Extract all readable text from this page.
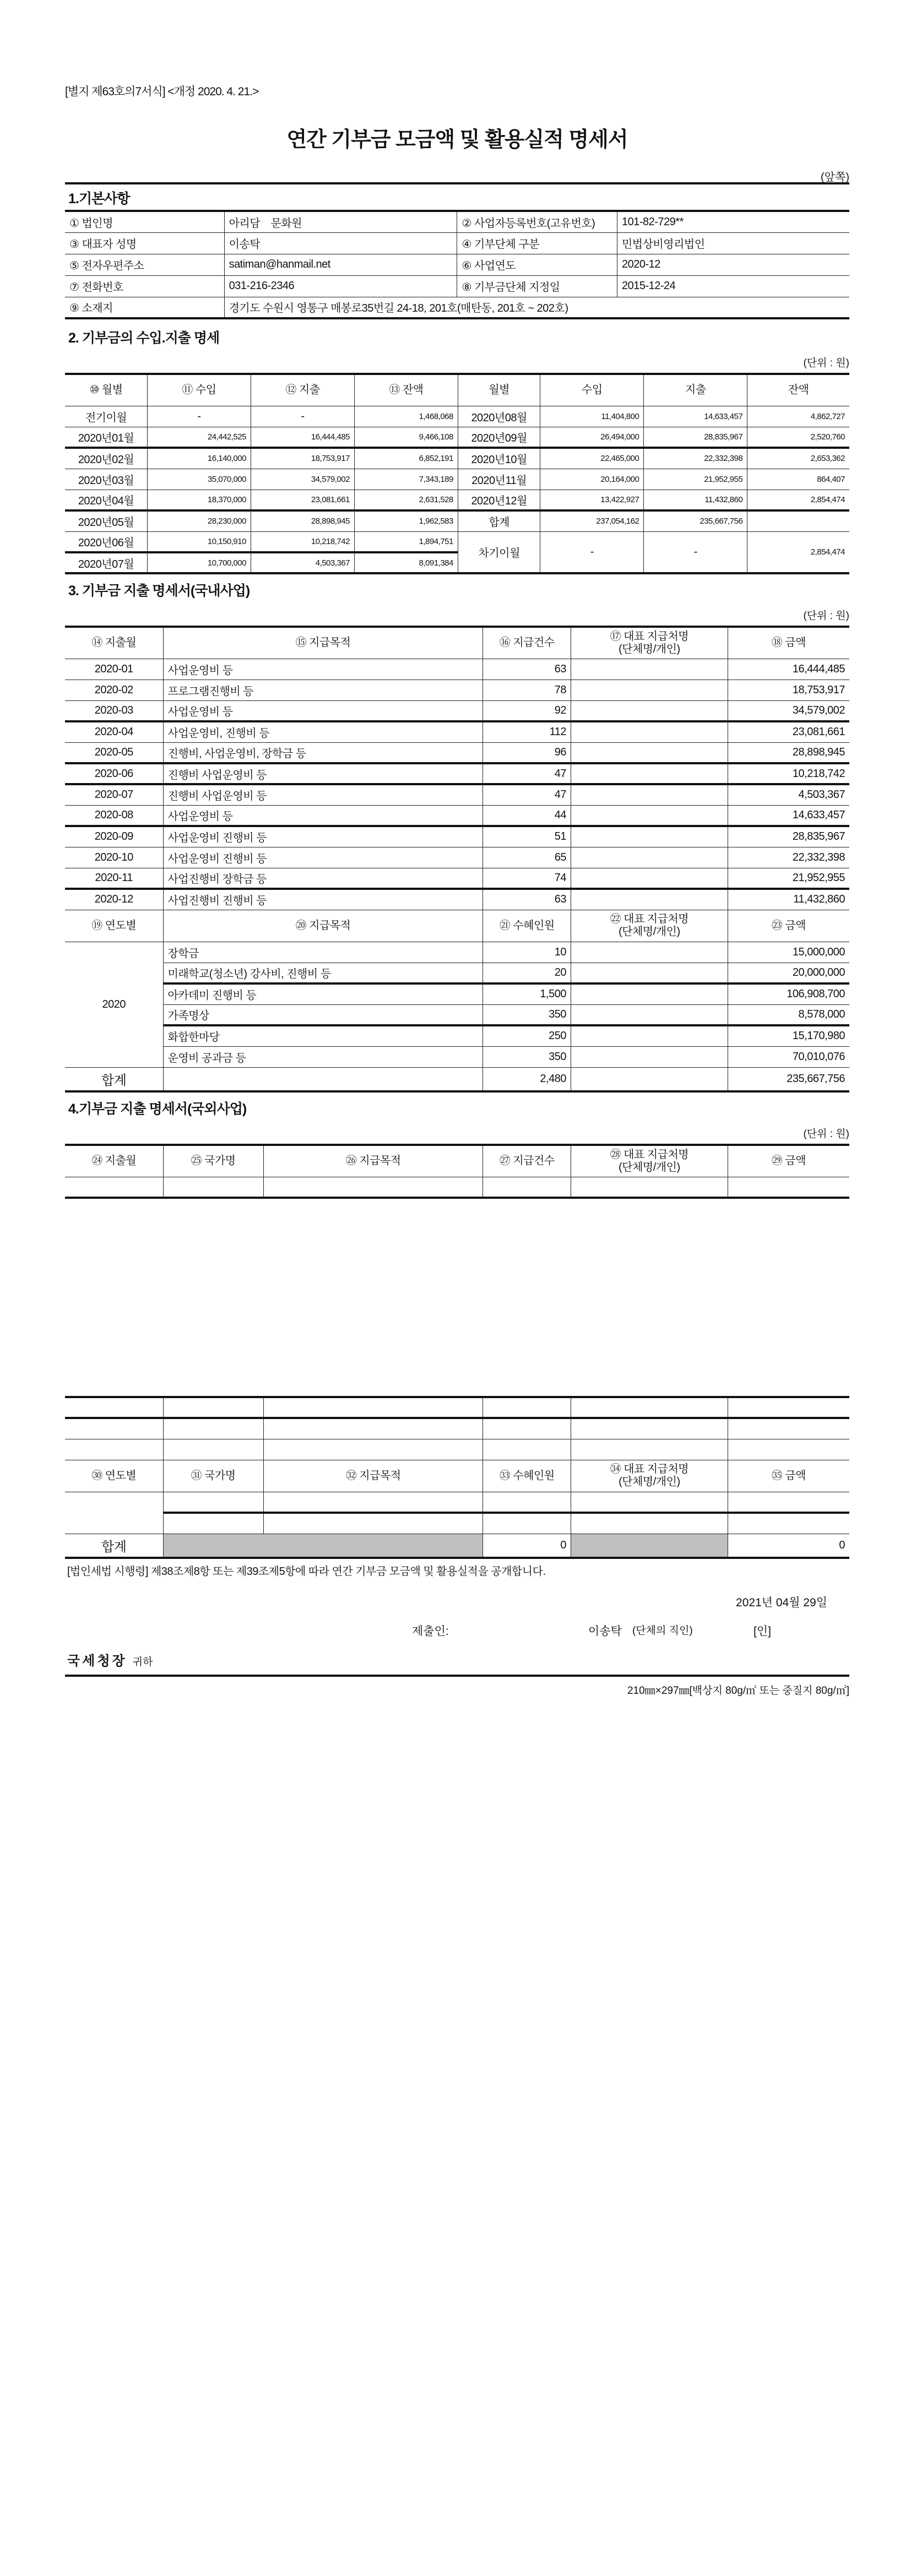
[별지 제63호의7서식] <개정 2020. 4. 21.>
연간 기부금 모금액 및 활용실적 명세서
(앞쪽)
1.기본사항
① 법인명	아리담　문화원	② 사업자등록번호(고유번호)	101-82-729**
③ 대표자 성명	이송탁	④ 기부단체 구분	민법상비영리법인
⑤ 전자우편주소	satiman@hanmail.net	⑥ 사업연도	2020-12
⑦ 전화번호	031-216-2346	⑧ 기부금단체 지정일	2015-12-24
⑨ 소재지	경기도 수원시 영통구 매봉로35번길 24-18, 201호(매탄동, 201호 ~ 202호)		
2. 기부금의 수입.지출 명세
(단위 : 원)
⑩ 월별	⑪ 수입	⑫ 지출	⑬ 잔액	월별	수입	지출	잔액
전기이월	-	-	1,468,068	2020년08월	11,404,800	14,633,457	4,862,727
2020년01월	24,442,525	16,444,485	9,466,108	2020년09월	26,494,000	28,835,967	2,520,760
2020년02월	16,140,000	18,753,917	6,852,191	2020년10월	22,465,000	22,332,398	2,653,362
2020년03월	35,070,000	34,579,002	7,343,189	2020년11월	20,164,000	21,952,955	864,407
2020년04월	18,370,000	23,081,661	2,631,528	2020년12월	13,422,927	11,432,860	2,854,474
2020년05월	28,230,000	28,898,945	1,962,583	합계	237,054,162	235,667,756	
2020년06월	10,150,910	10,218,742	1,894,751	차기이월	-	-	2,854,474
2020년07월	10,700,000	4,503,367	8,091,384				
3. 기부금 지출 명세서(국내사업)
(단위 : 원)
⑭ 지출월	⑮ 지급목적	⑯ 지급건수	⑰ 대표 지급처명
(단체명/개인)	⑱ 금액
2020-01	사업운영비 등	63		16,444,485
2020-02	프로그램진행비 등	78		18,753,917
2020-03	사업운영비 등	92		34,579,002
2020-04	사업운영비, 진행비 등	112		23,081,661
2020-05	진행비, 사업운영비, 장학금 등	96		28,898,945
2020-06	진행비 사업운영비 등	47		10,218,742
2020-07	진행비 사업운영비 등	47		4,503,367
2020-08	사업운영비 등	44		14,633,457
2020-09	사업운영비 진행비 등	51		28,835,967
2020-10	사업운영비 진행비 등	65		22,332,398
2020-11	사업진행비 장학금 등	74		21,952,955
2020-12	사업진행비 진행비 등	63		11,432,860
⑲ 연도별	⑳ 지급목적	㉑ 수혜인원	㉒ 대표 지급처명
(단체명/개인)	㉓ 금액
2020	장학금	10		15,000,000
	미래학교(청소년) 강사비, 진행비 등	20		20,000,000
	아카데미 진행비 등	1,500		106,908,700
	가족명상	350		8,578,000
	화합한마당	250		15,170,980
	운영비 공과금 등	350		70,010,076
합계		2,480		235,667,756
4.기부금 지출 명세서(국외사업)
(단위 : 원)
㉔ 지출월	㉕ 국가명	㉖ 지급목적	㉗ 지급건수	㉘ 대표 지급처명
(단체명/개인)	㉙ 금액

㉚ 연도별	㉛ 국가명	㉜ 지급목적	㉝ 수혜인원	㉞ 대표 지급처명
(단체명/개인)	㉟ 금액

합계			0		0
[법인세법 시행령] 제38조제8항 또는 제39조제5항에 따라 연간 기부금 모금액 및 활용실적을 공개합니다.
2021년 04월 29일
제출인:	이송탁 (단체의 직인)	[인]
국세청장 귀하
210㎜×297㎜[백상지 80g/㎡ 또는 중질지 80g/㎡]
